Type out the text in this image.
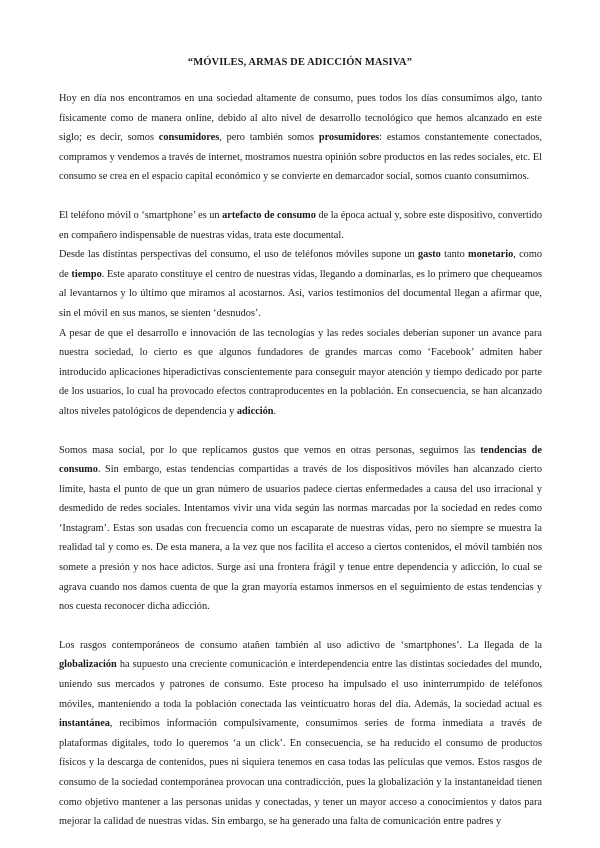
“MÓVILES, ARMAS DE ADICCIÓN MASIVA”

Hoy en día nos encontramos en una sociedad altamente de consumo, pues todos los días consumimos algo, tanto físicamente como de manera online, debido al alto nivel de desarrollo tecnológico que hemos alcanzado en este siglo; es decir, somos consumidores, pero también somos prosumidores: estamos constantemente conectados, compramos y vendemos a través de internet, mostramos nuestra opinión sobre productos en las redes sociales, etc. El consumo se crea en el espacio capital económico y se convierte en demarcador social, somos cuanto consumimos.

El teléfono móvil o ‘smartphone’ es un artefacto de consumo de la época actual y, sobre este dispositivo, convertido en compañero indispensable de nuestras vidas, trata este documental.

Desde las distintas perspectivas del consumo, el uso de teléfonos móviles supone un gasto tanto monetario, como de tiempo. Este aparato constituye el centro de nuestras vidas, llegando a dominarlas, es lo primero que chequeamos al levantarnos y lo último que miramos al acostarnos. Así, varios testimonios del documental llegan a afirmar que, sin el móvil en sus manos, se sienten ‘desnudos’.

A pesar de que el desarrollo e innovación de las tecnologías y las redes sociales deberían suponer un avance para nuestra sociedad, lo cierto es que algunos fundadores de grandes marcas como ‘Facebook’ admiten haber introducido aplicaciones hiperadictivas conscientemente para conseguir mayor atención y tiempo dedicado por parte de los usuarios, lo cual ha provocado efectos contraproducentes en la población. En consecuencia, se han alcanzado altos niveles patológicos de dependencia y adicción.

Somos masa social, por lo que replicamos gustos que vemos en otras personas, seguimos las tendencias de consumo. Sin embargo, estas tendencias compartidas a través de los dispositivos móviles han alcanzado cierto límite, hasta el punto de que un gran número de usuarios padece ciertas enfermedades a causa del uso irracional y desmedido de redes sociales. Intentamos vivir una vida según las normas marcadas por la sociedad en redes como ‘Instagram’. Estas son usadas con frecuencia como un escaparate de nuestras vidas, pero no siempre se muestra la realidad tal y como es. De esta manera, a la vez que nos facilita el acceso a ciertos contenidos, el móvil también nos somete a presión y nos hace adictos. Surge así una frontera frágil y tenue entre dependencia y adicción, lo cual se agrava cuando nos damos cuenta de que la gran mayoría estamos inmersos en el seguimiento de estas tendencias y nos cuesta reconocer dicha adicción.

Los rasgos contemporáneos de consumo atañen también al uso adictivo de ‘smartphones’. La llegada de la globalización ha supuesto una creciente comunicación e interdependencia entre las distintas sociedades del mundo, uniendo sus mercados y patrones de consumo. Este proceso ha impulsado el uso ininterrumpido de teléfonos móviles, manteniendo a toda la población conectada las veinticuatro horas del día. Además, la sociedad actual es instantánea, recibimos información compulsivamente, consumimos series de forma inmediata a través de plataformas digitales, todo lo queremos ‘a un click’. En consecuencia, se ha reducido el consumo de productos físicos y la descarga de contenidos, pues ni siquiera tenemos en casa todas las películas que vemos. Estos rasgos de consumo de la sociedad contemporánea provocan una contradicción, pues la globalización y la instantaneidad tienen como objetivo mantener a las personas unidas y conectadas, y tener un mayor acceso a conocimientos y datos para mejorar la calidad de nuestras vidas. Sin embargo, se ha generado una falta de comunicación entre padres y
